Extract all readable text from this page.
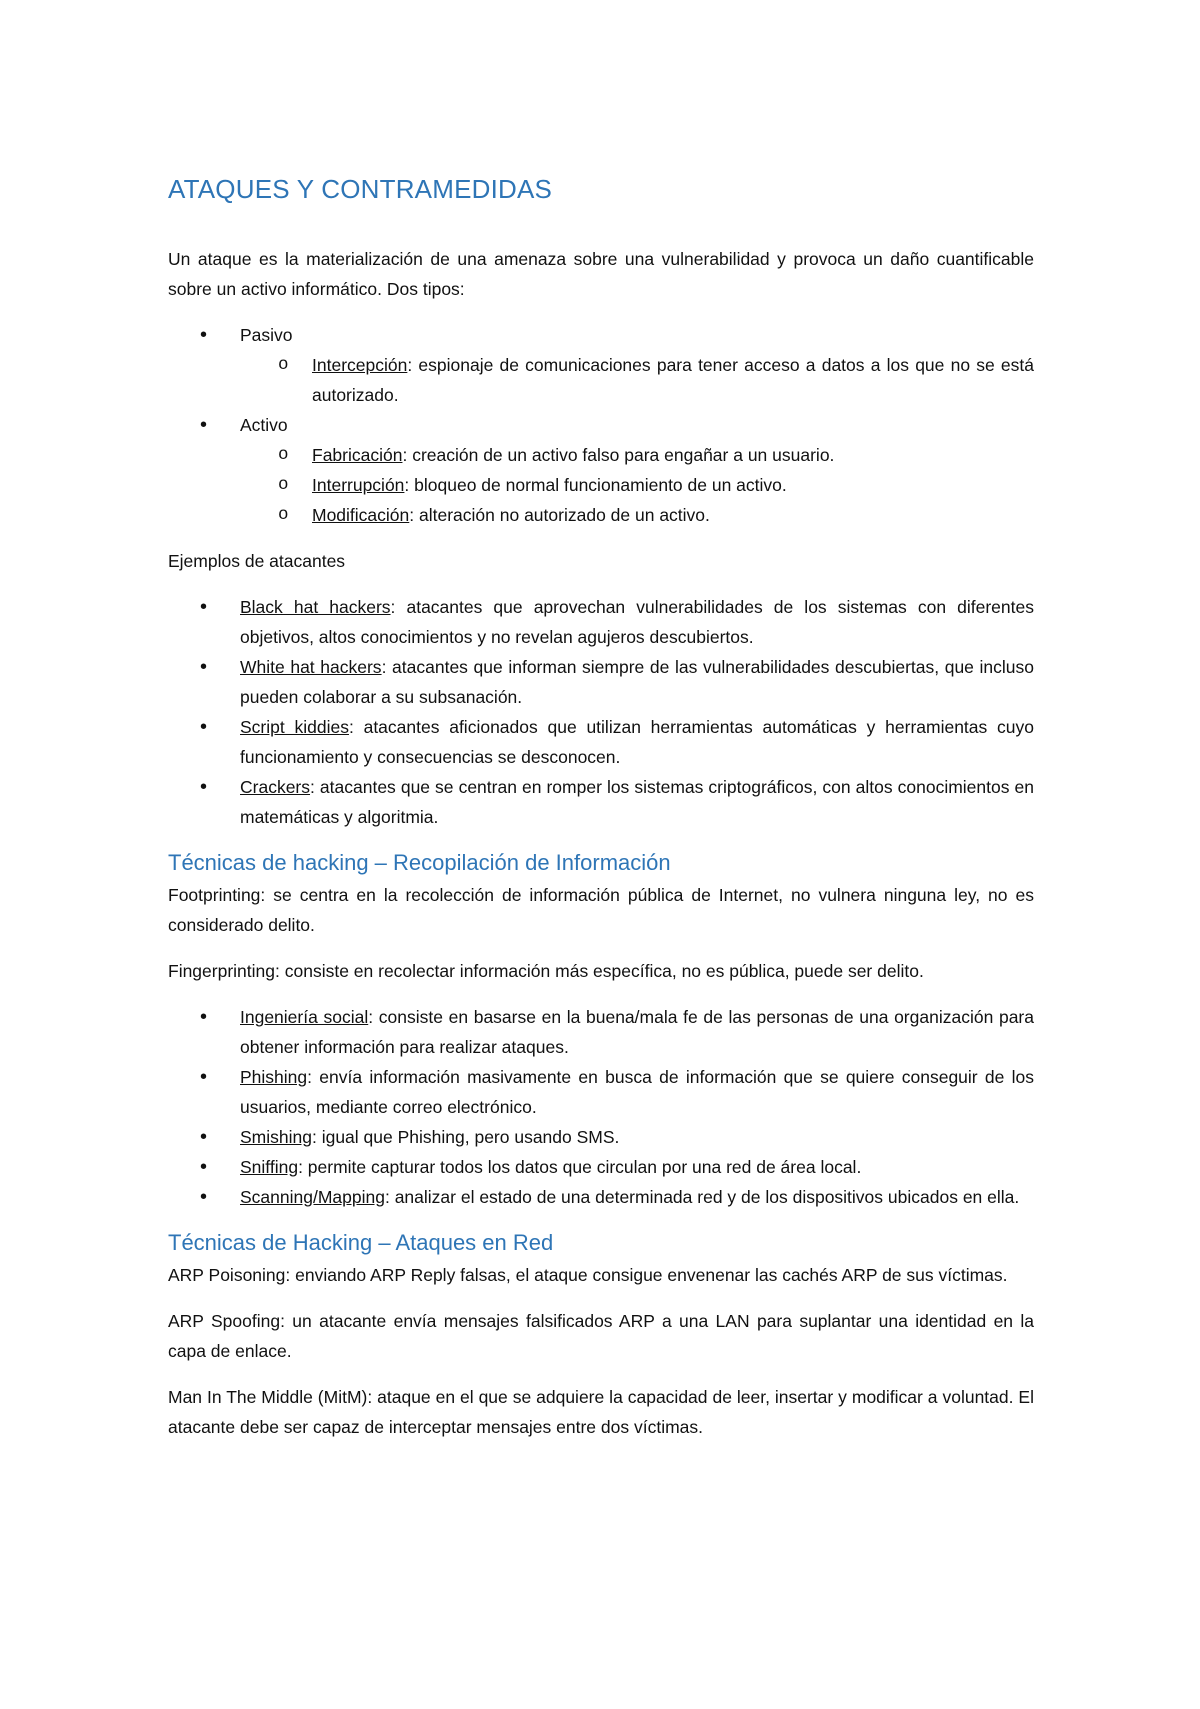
ATAQUES Y CONTRAMEDIDAS

Un ataque es la materialización de una amenaza sobre una vulnerabilidad y provoca un daño cuantificable sobre un activo informático. Dos tipos:

• Pasivo
o Intercepción: espionaje de comunicaciones para tener acceso a datos a los que no se está autorizado.
• Activo
o Fabricación: creación de un activo falso para engañar a un usuario.
o Interrupción: bloqueo de normal funcionamiento de un activo.
o Modificación: alteración no autorizado de un activo.

Ejemplos de atacantes

• Black hat hackers: atacantes que aprovechan vulnerabilidades de los sistemas con diferentes objetivos, altos conocimientos y no revelan agujeros descubiertos.
• White hat hackers: atacantes que informan siempre de las vulnerabilidades descubiertas, que incluso pueden colaborar a su subsanación.
• Script kiddies: atacantes aficionados que utilizan herramientas automáticas y herramientas cuyo funcionamiento y consecuencias se desconocen.
• Crackers: atacantes que se centran en romper los sistemas criptográficos, con altos conocimientos en matemáticas y algoritmia.
Técnicas de hacking – Recopilación de Información

Footprinting: se centra en la recolección de información pública de Internet, no vulnera ninguna ley, no es considerado delito.

Fingerprinting: consiste en recolectar información más específica, no es pública, puede ser delito.

• Ingeniería social: consiste en basarse en la buena/mala fe de las personas de una organización para obtener información para realizar ataques.
• Phishing: envía información masivamente en busca de información que se quiere conseguir de los usuarios, mediante correo electrónico.
• Smishing: igual que Phishing, pero usando SMS.
• Sniffing: permite capturar todos los datos que circulan por una red de área local.
• Scanning/Mapping: analizar el estado de una determinada red y de los dispositivos ubicados en ella.
Técnicas de Hacking – Ataques en Red

ARP Poisoning: enviando ARP Reply falsas, el ataque consigue envenenar las cachés ARP de sus víctimas.

ARP Spoofing: un atacante envía mensajes falsificados ARP a una LAN para suplantar una identidad en la capa de enlace.

Man In The Middle (MitM): ataque en el que se adquiere la capacidad de leer, insertar y modificar a voluntad. El atacante debe ser capaz de interceptar mensajes entre dos víctimas.
